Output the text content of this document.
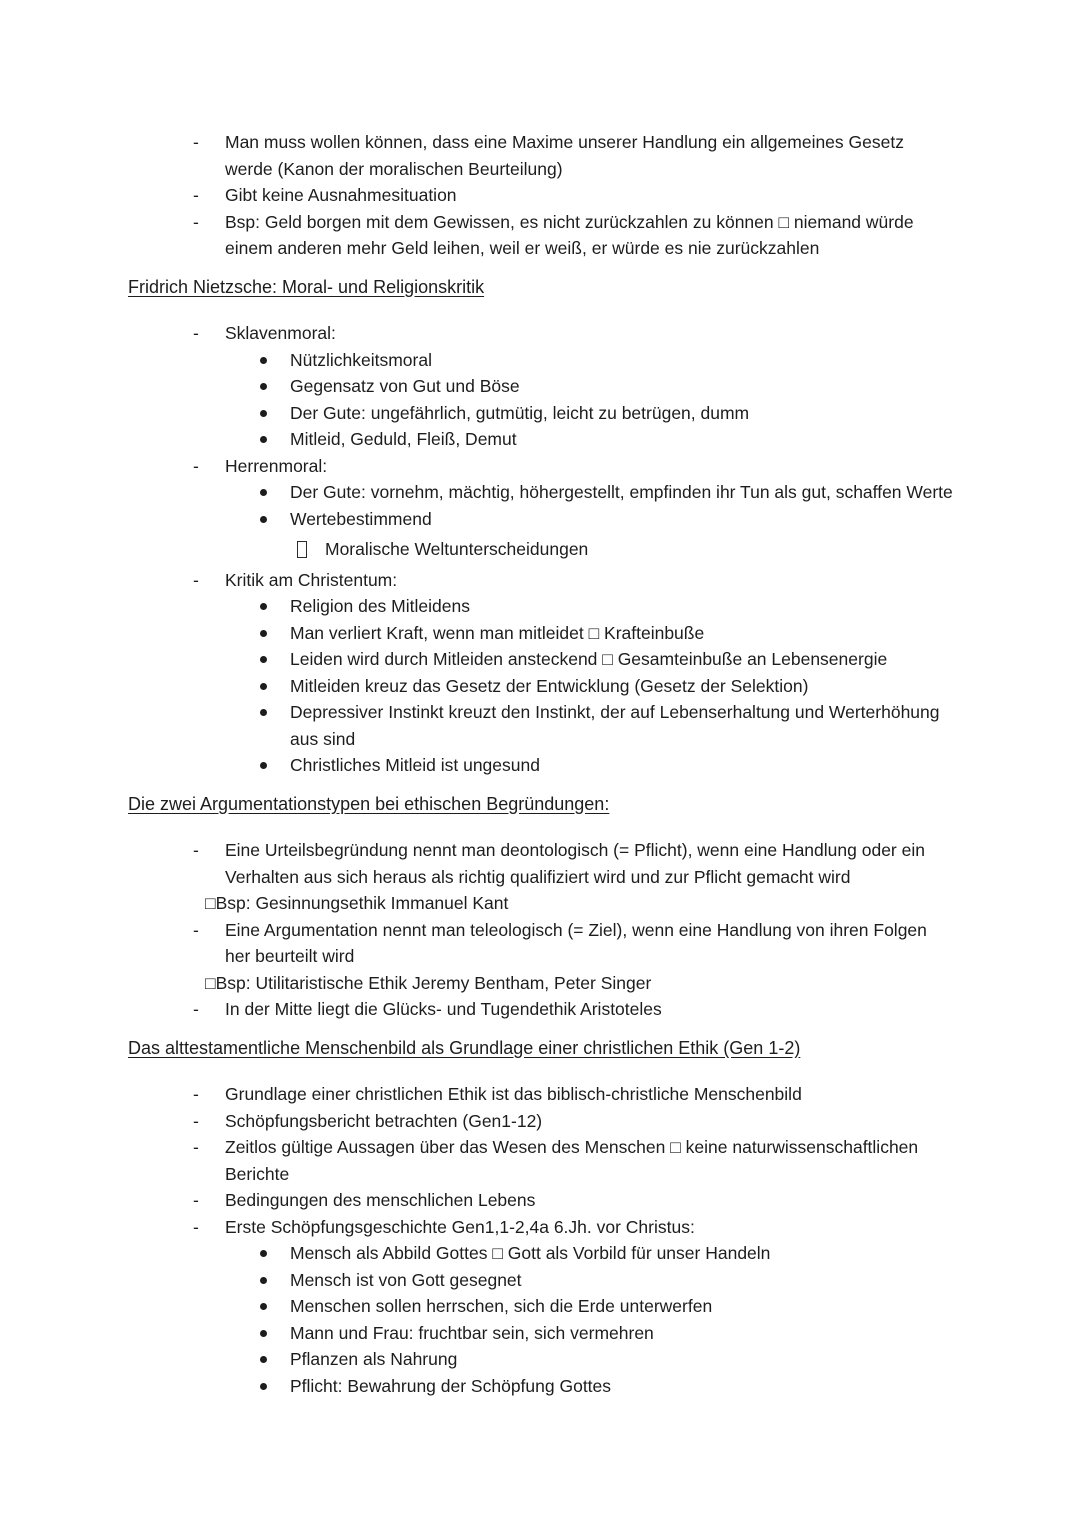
-	Man muss wollen können, dass eine Maxime unserer Handlung ein allgemeines Gesetz werde (Kanon der moralischen Beurteilung)
-	Gibt keine Ausnahmesituation
-	Bsp: Geld borgen mit dem Gewissen, es nicht zurückzahlen zu können □ niemand würde einem anderen mehr Geld leihen, weil er weiß, er würde es nie zurückzahlen
Fridrich Nietzsche: Moral- und Religionskritik
-	Sklavenmoral:
Nützlichkeitsmoral
Gegensatz von Gut und Böse
Der Gute: ungefährlich, gutmütig, leicht zu betrügen, dumm
Mitleid, Geduld, Fleiß, Demut
-	Herrenmoral:
Der Gute: vornehm, mächtig, höhergestellt, empfinden ihr Tun als gut, schaffen Werte
Wertebestimmend
Moralische Weltunterscheidungen
-	Kritik am Christentum:
Religion des Mitleidens
Man verliert Kraft, wenn man mitleidet □ Krafteinbuße
Leiden wird durch Mitleiden ansteckend □ Gesamteinbuße an Lebensenergie
Mitleiden kreuz das Gesetz der Entwicklung (Gesetz der Selektion)
Depressiver Instinkt kreuzt den Instinkt, der auf Lebenserhaltung und Werterhöhung aus sind
Christliches Mitleid ist ungesund
Die zwei Argumentationstypen bei ethischen Begründungen:
-	Eine Urteilsbegründung nennt man deontologisch (= Pflicht), wenn eine Handlung oder ein Verhalten aus sich heraus als richtig qualifiziert wird und zur Pflicht gemacht wird
□Bsp: Gesinnungsethik Immanuel Kant
-	Eine Argumentation nennt man teleologisch (= Ziel), wenn eine Handlung von ihren Folgen her beurteilt wird
□Bsp: Utilitaristische Ethik Jeremy Bentham, Peter Singer
-	In der Mitte liegt die Glücks- und Tugendethik Aristoteles
Das alttestamentliche Menschenbild als Grundlage einer christlichen Ethik (Gen 1-2)
-	Grundlage einer christlichen Ethik ist das biblisch-christliche Menschenbild
-	Schöpfungsbericht betrachten (Gen1-12)
-	Zeitlos gültige Aussagen über das Wesen des Menschen □ keine naturwissenschaftlichen Berichte
-	Bedingungen des menschlichen Lebens
-	Erste Schöpfungsgeschichte Gen1,1-2,4a 6.Jh. vor Christus:
Mensch als Abbild Gottes □ Gott als Vorbild für unser Handeln
Mensch ist von Gott gesegnet
Menschen sollen herrschen, sich die Erde unterwerfen
Mann und Frau: fruchtbar sein, sich vermehren
Pflanzen als Nahrung
Pflicht: Bewahrung der Schöpfung Gottes
